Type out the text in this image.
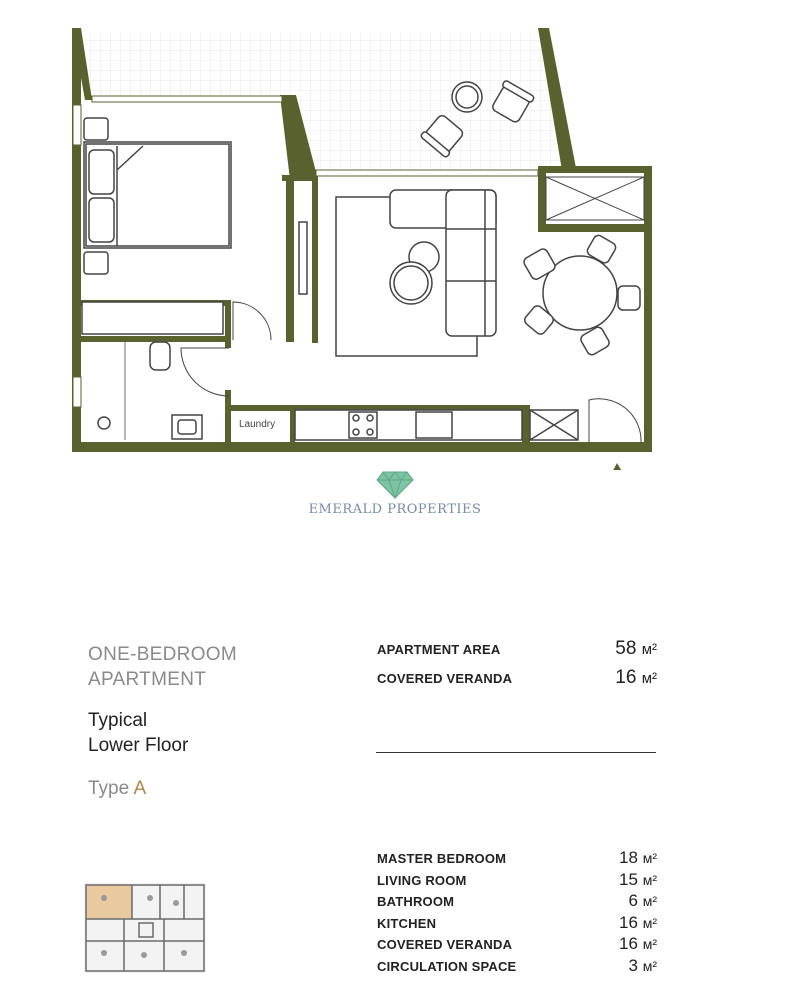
Laundry
EMERALD PROPERTIES
ONE-BEDROOM
APARTMENT
Typical
Lower Floor
Type A
APARTMENT AREA	58 м²
COVERED VERANDA	16 м²
MASTER BEDROOM	18 м²
LIVING ROOM	15 м²
BATHROOM	6 м²
KITCHEN	16 м²
COVERED VERANDA	16 м²
CIRCULATION SPACE	3 м²
